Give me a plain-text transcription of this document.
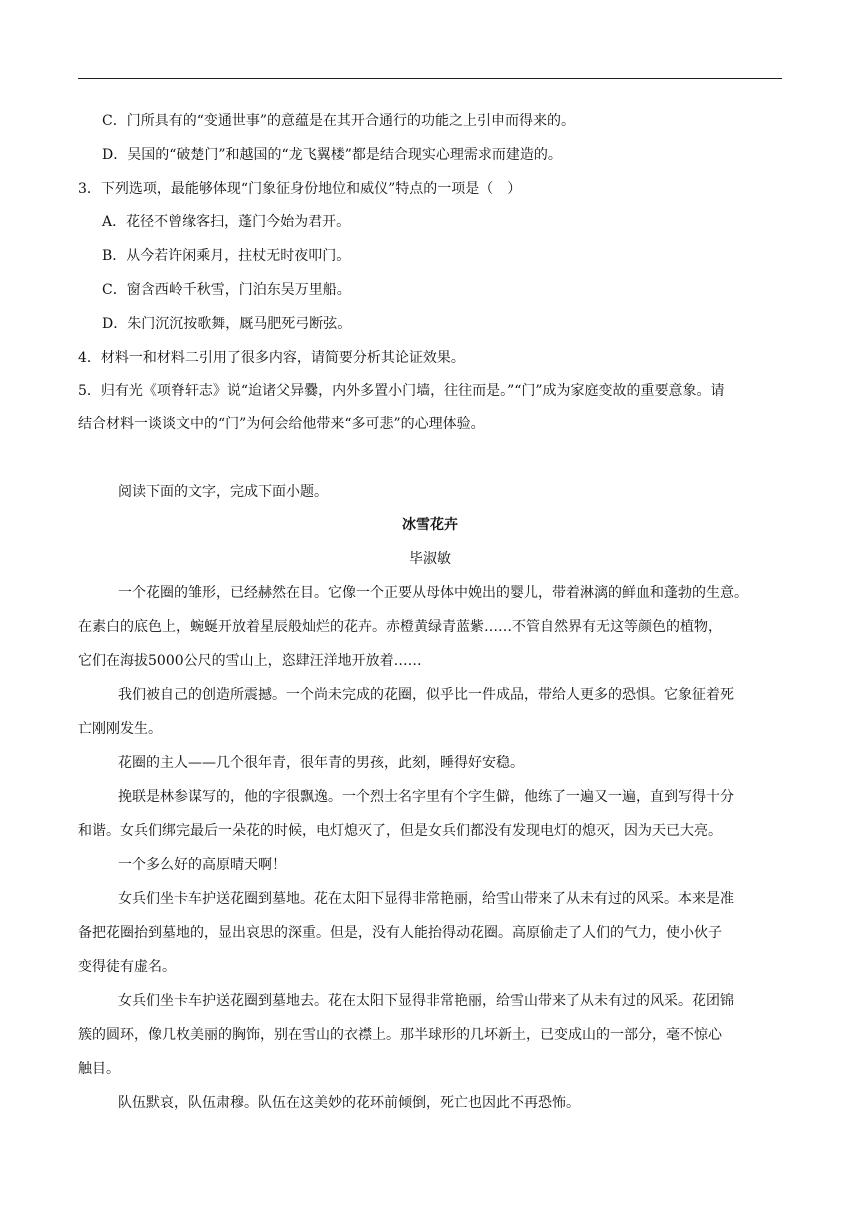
C．门所具有的“变通世事”的意蕴是在其开合通行的功能之上引申而得来的。
D．吴国的“破楚门”和越国的“龙飞翼楼”都是结合现实心理需求而建造的。
3．下列选项，最能够体现“门象征身份地位和威仪”特点的一项是（　）
A．花径不曾缘客扫，蓬门今始为君开。
B．从今若许闲乘月，拄杖无时夜叩门。
C．窗含西岭千秋雪，门泊东吴万里船。
D．朱门沉沉按歌舞，厩马肥死弓断弦。
4．材料一和材料二引用了很多内容，请简要分析其论证效果。
5．归有光《项脊轩志》说“迨诸父异爨，内外多置小门墙，往往而是。”“门”成为家庭变故的重要意象。请
结合材料一谈谈文中的“门”为何会给他带来“多可悲”的心理体验。
阅读下面的文字，完成下面小题。
冰雪花卉
毕淑敏
一个花圈的雏形，已经赫然在目。它像一个正要从母体中娩出的婴儿，带着淋漓的鲜血和蓬勃的生意。
在素白的底色上，蜿蜒开放着星辰般灿烂的花卉。赤橙黄绿青蓝紫……不管自然界有无这等颜色的植物，
它们在海拔5000公尺的雪山上，恣肆汪洋地开放着……
我们被自己的创造所震撼。一个尚未完成的花圈，似乎比一件成品，带给人更多的恐惧。它象征着死
亡刚刚发生。
花圈的主人——几个很年青，很年青的男孩，此刻，睡得好安稳。
挽联是林参谋写的，他的字很飘逸。一个烈士名字里有个字生僻，他练了一遍又一遍，直到写得十分
和谐。女兵们绑完最后一朵花的时候，电灯熄灭了，但是女兵们都没有发现电灯的熄灭，因为天已大亮。
一个多么好的高原晴天啊！
女兵们坐卡车护送花圈到墓地。花在太阳下显得非常艳丽，给雪山带来了从未有过的风采。本来是准
备把花圈抬到墓地的，显出哀思的深重。但是，没有人能抬得动花圈。高原偷走了人们的气力，使小伙子
变得徒有虚名。
女兵们坐卡车护送花圈到墓地去。花在太阳下显得非常艳丽，给雪山带来了从未有过的风采。花团锦
簇的圆环，像几枚美丽的胸饰，别在雪山的衣襟上。那半球形的几坏新土，已变成山的一部分，毫不惊心
触目。
队伍默哀，队伍肃穆。队伍在这美妙的花环前倾倒，死亡也因此不再恐怖。
